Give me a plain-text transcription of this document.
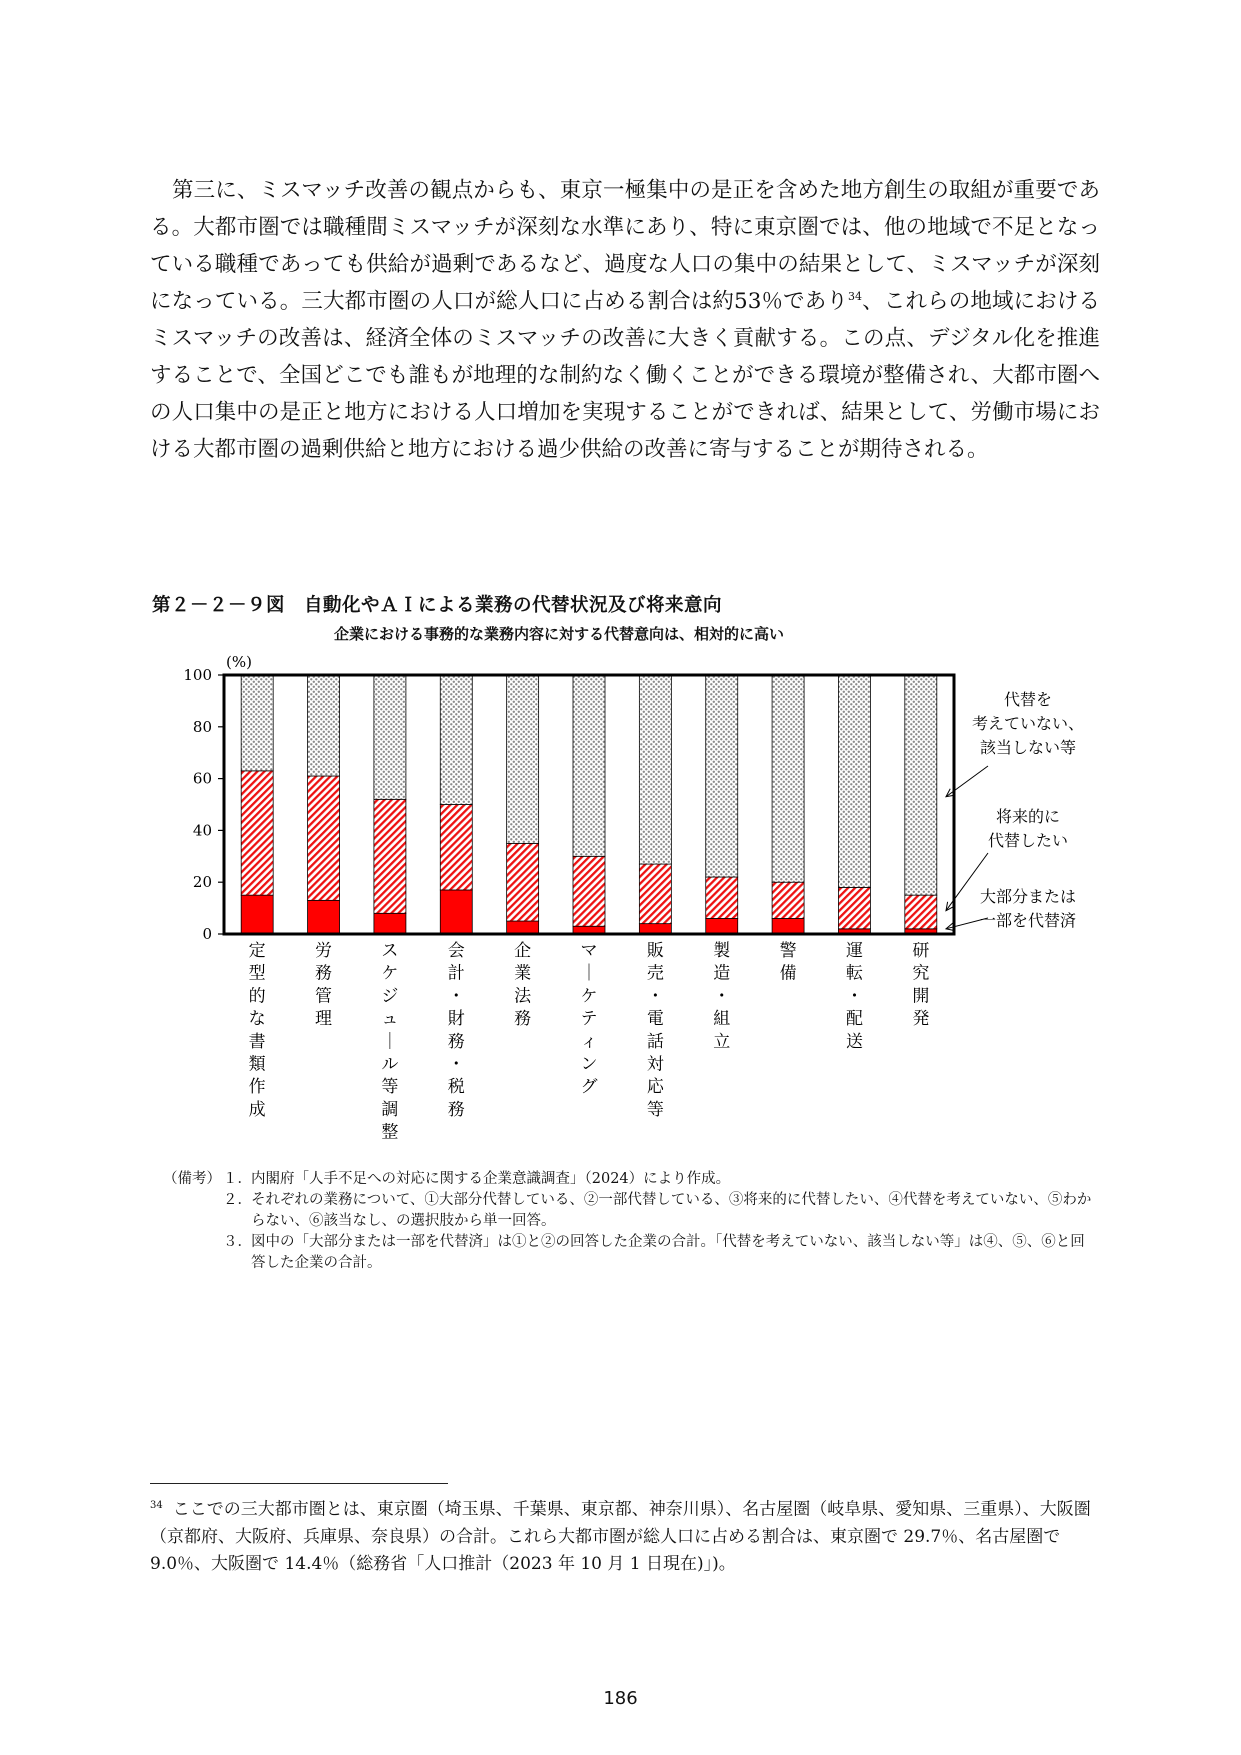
第三に、ミスマッチ改善の観点からも、東京一極集中の是正を含めた地方創生の取組が重要である。大都市圏では職種間ミスマッチが深刻な水準にあり、特に東京圏では、他の地域で不足となっている職種であっても供給が過剰であるなど、過度な人口の集中の結果として、ミスマッチが深刻になっている。三大都市圏の人口が総人口に占める割合は約53％であり$^{34}$、これらの地域におけるミスマッチの改善は、経済全体のミスマッチの改善に大きく貢献する。この点、デジタル化を推進することで、全国どこでも誰もが地理的な制約なく働くことができる環境が整備され、大都市圏への人口集中の是正と地方における人口増加を実現することができれば、結果として、労働市場における大都市圏の過剰供給と地方における過少供給の改善に寄与することが期待される。

第２－２－９図　自動化やＡＩによる業務の代替状況及び将来意向
企業における事務的な業務内容に対する代替意向は、相対的に高い
0
20
40
60
80
100
(%)
定型的な書類作成
労務管理
スケジュ｜ル等調整
会計・財務・税務
企業法務
マ｜ケティング
販売・電話対応等
製造・組立
警備
運転・配送
研究開発
代替を考えていない、該当しない等
将来的に代替したい
大部分または一部を代替済
（備考） １． 内閣府「人手不足への対応に関する企業意識調査」（2024）により作成。
２． それぞれの業務について、①大部分代替している、②一部代替している、③将来的に代替したい、④代替を考えていない、⑤わからない、⑥該当なし、の選択肢から単一回答。
３． 図中の「大部分または一部を代替済」は①と②の回答した企業の合計。「代替を考えていない、該当しない等」は④、⑤、⑥と回答した企業の合計。
$^{34}$ ここでの三大都市圏とは、東京圏（埼玉県、千葉県、東京都、神奈川県）、名古屋圏（岐阜県、愛知県、三重県）、大阪圏（京都府、大阪府、兵庫県、奈良県）の合計。これら大都市圏が総人口に占める割合は、東京圏で 29.7％、名古屋圏で 9.0％、大阪圏で 14.4％（総務省「人口推計（2023 年 10 月 1 日現在)」)。
186
